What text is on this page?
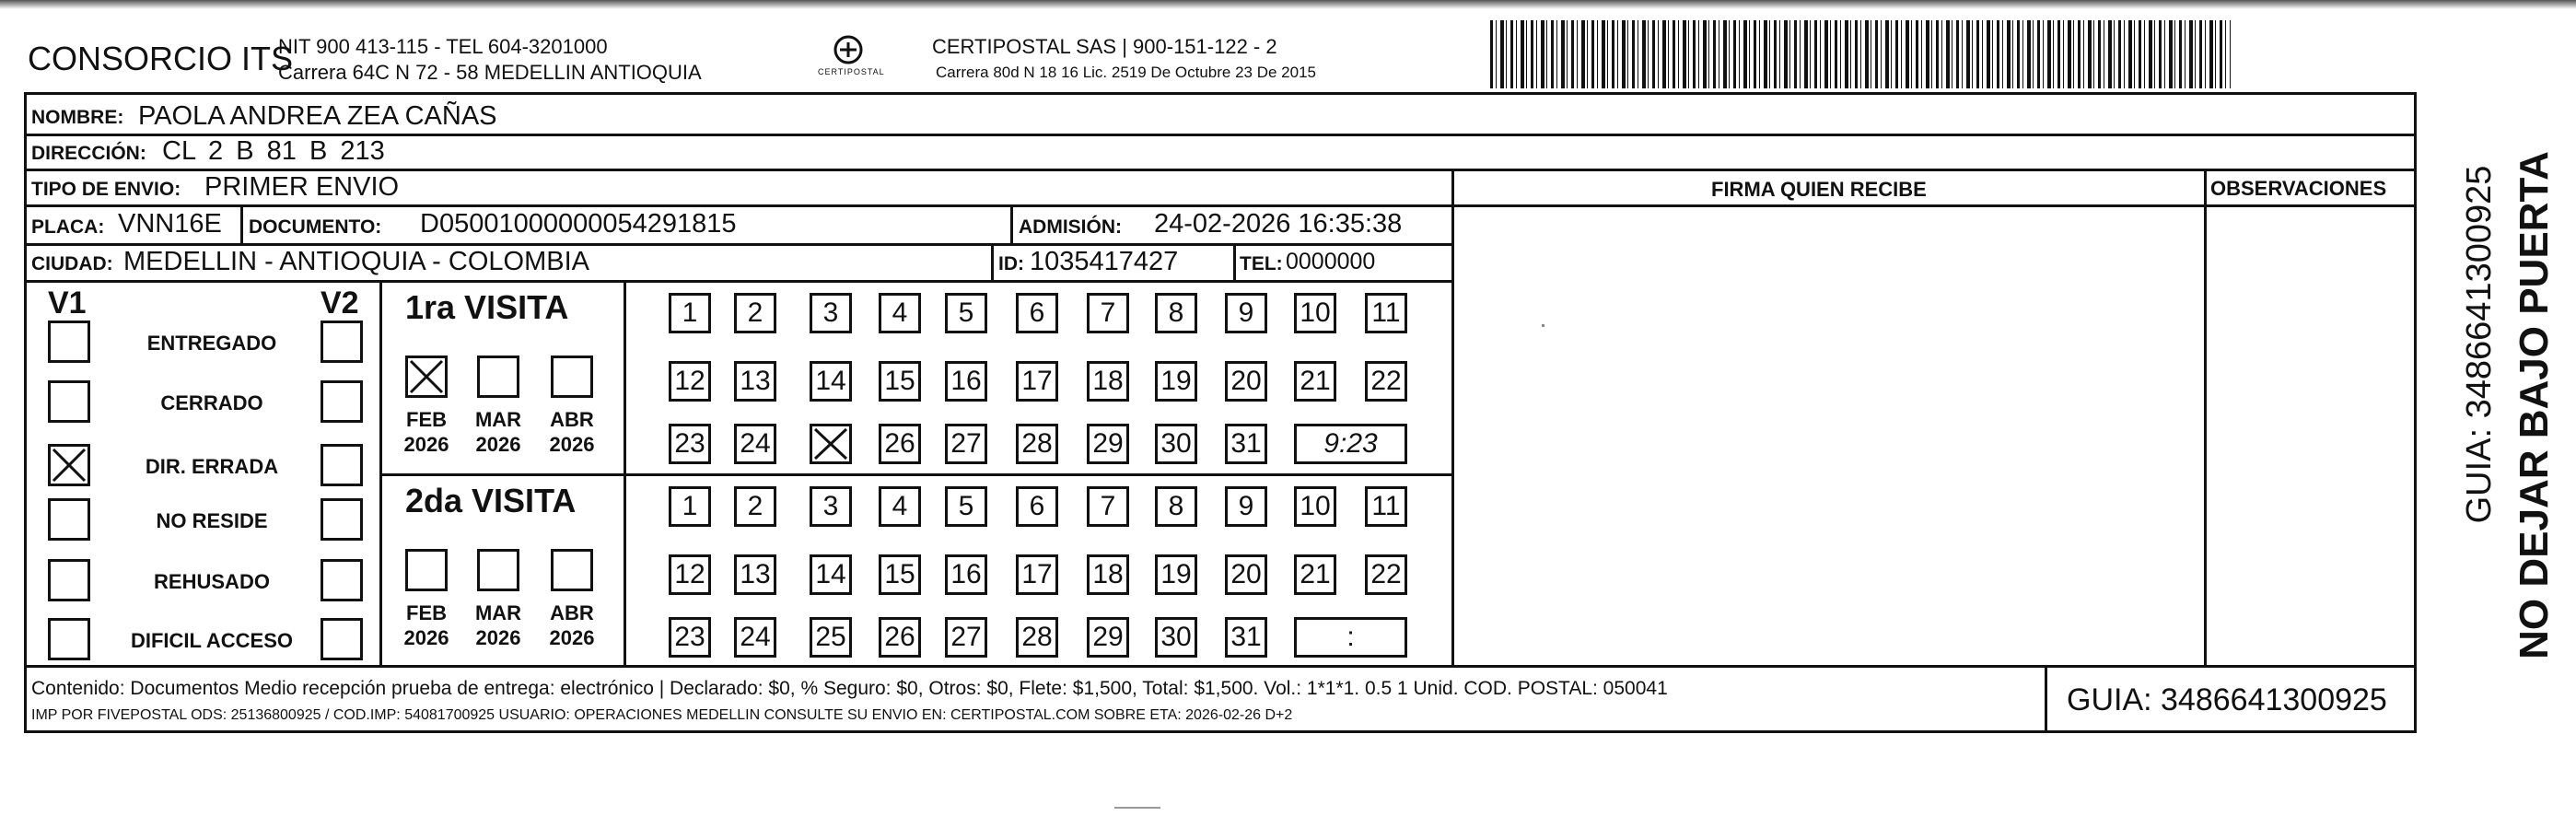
CONSORCIO ITS
NIT 900 413-115 - TEL 604-3201000
Carrera 64C N 72 - 58 MEDELLIN ANTIOQUIA	CERTIPOSTAL
CERTIPOSTAL SAS | 900-151-122 - 2
Carrera 80d N 18 16 Lic. 2519 De Octubre 23 De 2015
NOMBRE: PAOLA ANDREA ZEA CAÑAS
DIRECCIÓN: CL 2 B 81 B 213
TIPO DE ENVIO: PRIMER ENVIO	FIRMA QUIEN RECIBE	OBSERVACIONES
PLACA: VNN16E DOCUMENTO: D05001000000054291815	ADMISIÓN: 24-02-2026 16:35:38
CIUDAD: MEDELLIN - ANTIOQUIA - COLOMBIA	ID: 1035417427	TEL: 0000000
V1	V2
ENTREGADO
CERRADO
DIR. ERRADA
NO RESIDE
REHUSADO
DIFICIL ACCESO
1ra VISITA
FEB
2026
MAR
2026
ABR
2026
1	2	3	4	5	6	7	8	9	10 11
12 13 14 15 16 17 18 19 20 21 22
23 24	26 27 28 29 30 31	9:23
2da VISITA
FEB
2026
MAR
2026
ABR
2026
1	2	3	4	5	6	7	8	9	10 11
12 13 14 15 16 17 18 19 20 21 22
23 24 25 26 27 28 29 30 31	:
Contenido: Documentos Medio recepción prueba de entrega: electrónico | Declarado: $0, % Seguro: $0, Otros: $0, Flete: $1,500, Total: $1,500. Vol.: 1*1*1. 0.5 1 Unid. COD. POSTAL: 050041
IMP POR FIVEPOSTAL ODS: 25136800925 / COD.IMP: 54081700925 USUARIO: OPERACIONES MEDELLIN CONSULTE SU ENVIO EN: CERTIPOSTAL.COM SOBRE ETA: 2026-02-26 D+2	GUIA: 3486641300925
NO DEJAR BAJO PUERTA
GUIA: 3486641300925
